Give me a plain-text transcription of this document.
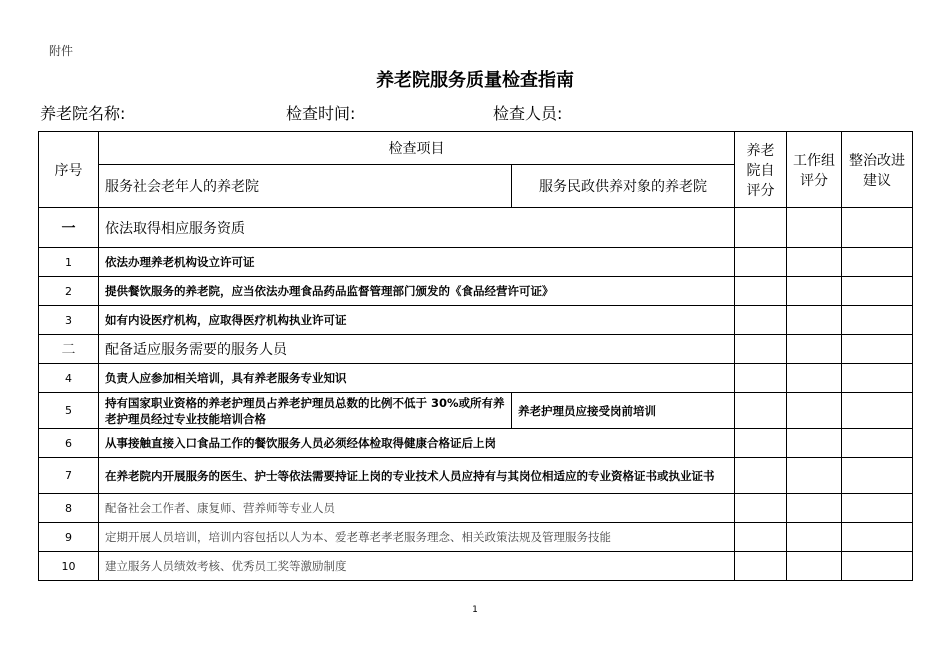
附件
养老院服务质量检查指南
养老院名称:	检查时间:	检查人员:
序号	检查项目		养老院自评分	工作组评分	整治改进建议
	服务社会老年人的养老院	服务民政供养对象的养老院			
一	依法取得相应服务资质				
1	依法办理养老机构设立许可证				
2	提供餐饮服务的养老院，应当依法办理食品药品监督管理部门颁发的《食品经营许可证》				
3	如有内设医疗机构，应取得医疗机构执业许可证				
二	配备适应服务需要的服务人员				
4	负责人应参加相关培训，具有养老服务专业知识				
5	持有国家职业资格的养老护理员占养老护理员总数的比例不低于 30%或所有养老护理员经过专业技能培训合格	养老护理员应接受岗前培训			
6	从事接触直接入口食品工作的餐饮服务人员必须经体检取得健康合格证后上岗				
7	在养老院内开展服务的医生、护士等依法需要持证上岗的专业技术人员应持有与其岗位相适应的专业资格证书或执业证书				
8	配备社会工作者、康复师、营养师等专业人员				
9	定期开展人员培训，培训内容包括以人为本、爱老尊老孝老服务理念、相关政策法规及管理服务技能				
10	建立服务人员绩效考核、优秀员工奖等激励制度				
1
